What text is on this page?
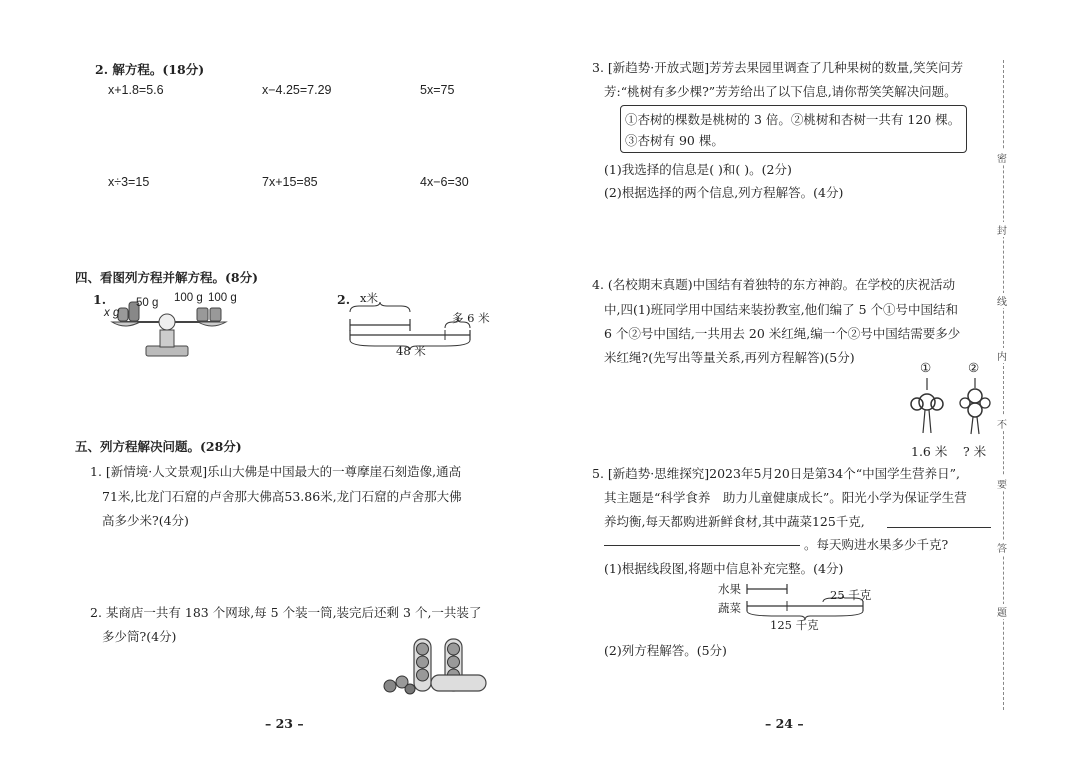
2. 解方程。(18分)
x+1.8=5.6	x−4.25=7.29	5x=75
x÷3=15	7x+15=85	4x−6=30
四、看图列方程并解方程。(8分)
1.
x g
50 g 100 g 100 g	2. x米
多 6 米
48 米
五、列方程解决问题。(28分)
1. [新情境·人文景观]乐山大佛是中国最大的一尊摩崖石刻造像,通高
71米,比龙门石窟的卢舍那大佛高53.86米,龙门石窟的卢舍那大佛
高多少米?(4分)
2. 某商店一共有 183 个网球,每 5 个装一筒,装完后还剩 3 个,一共装了
多少筒?(4分)
– 23 –
3. [新趋势·开放式题]芳芳去果园里调查了几种果树的数量,笑笑问芳
芳:“桃树有多少棵?”芳芳给出了以下信息,请你帮笑笑解决问题。
①杏树的棵数是桃树的 3 倍。②桃树和杏树一共有 120 棵。
③杏树有 90 棵。
(1)我选择的信息是( )和( )。(2分)
(2)根据选择的两个信息,列方程解答。(4分)
4. (名校期末真题)中国结有着独特的东方神韵。在学校的庆祝活动
中,四(1)班同学用中国结来装扮教室,他们编了 5 个①号中国结和
6 个②号中国结,一共用去 20 米红绳,编一个②号中国结需要多少
米红绳?(先写出等量关系,再列方程解答)(5分)
①	②
1.6 米 ? 米
5. [新趋势·思维探究]2023年5月20日是第34个“中国学生营养日”,
其主题是“科学食养　助力儿童健康成长”。阳光小学为保证学生营
养均衡,每天都购进新鲜食材,其中蔬菜125千克,
。每天购进水果多少千克?
(1)根据线段图,将题中信息补充完整。(4分)
水果
蔬菜
25 千克
125 千克
(2)列方程解答。(5分)
– 24 –
密
封
线
内
不
要
答
题
